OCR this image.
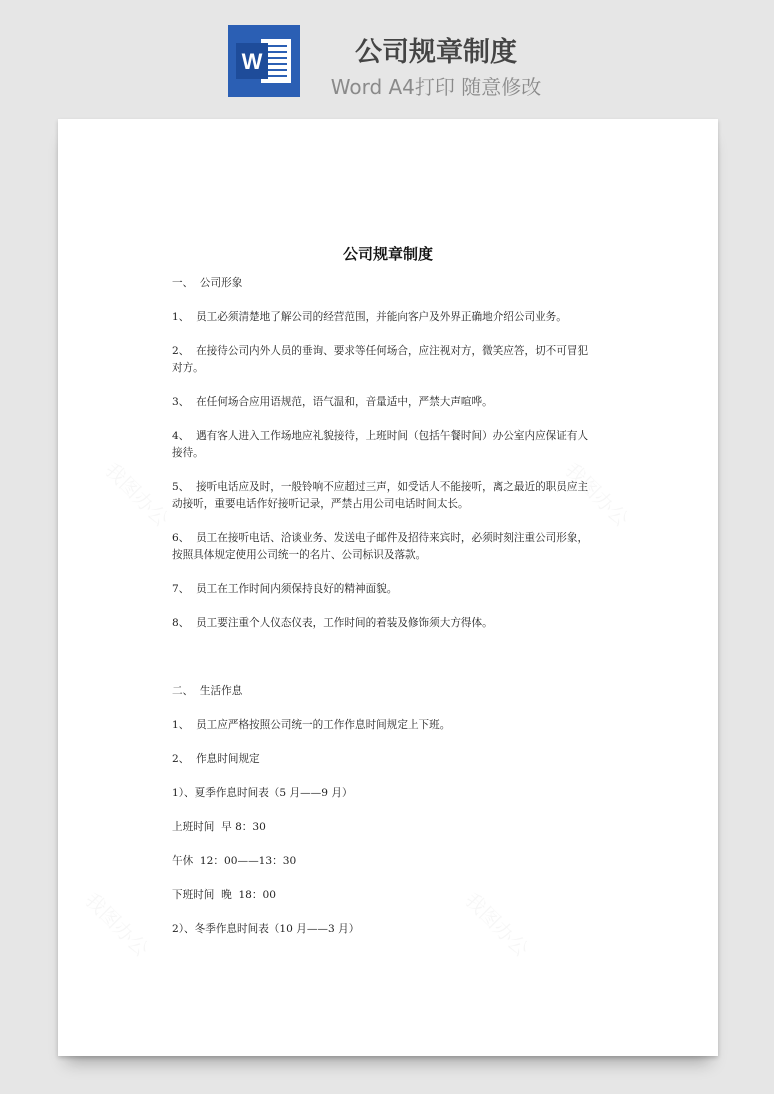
W	公司规章制度
Word A4打印 随意修改
公司规章制度
一、  公司形象
1、  员工必须清楚地了解公司的经营范围，并能向客户及外界正确地介绍公司业务。
2、  在接待公司内外人员的垂询、要求等任何场合，应注视对方，微笑应答，切不可冒犯
对方。
3、  在任何场合应用语规范，语气温和，音量适中，严禁大声喧哗。
4、  遇有客人进入工作场地应礼貌接待，上班时间（包括午餐时间）办公室内应保证有人
接待。
5、  接听电话应及时，一般铃响不应超过三声，如受话人不能接听，离之最近的职员应主
动接听，重要电话作好接听记录，严禁占用公司电话时间太长。
6、  员工在接听电话、洽谈业务、发送电子邮件及招待来宾时，必须时刻注重公司形象，
按照具体规定使用公司统一的名片、公司标识及落款。
7、  员工在工作时间内须保持良好的精神面貌。
8、  员工要注重个人仪态仪表，工作时间的着装及修饰须大方得体。
二、  生活作息
1、  员工应严格按照公司统一的工作作息时间规定上下班。
2、  作息时间规定
1）、夏季作息时间表（5 月——9 月）
上班时间  早 8：30
午休  12：00——13：30
下班时间  晚  18：00
2）、冬季作息时间表（10 月——3 月）
